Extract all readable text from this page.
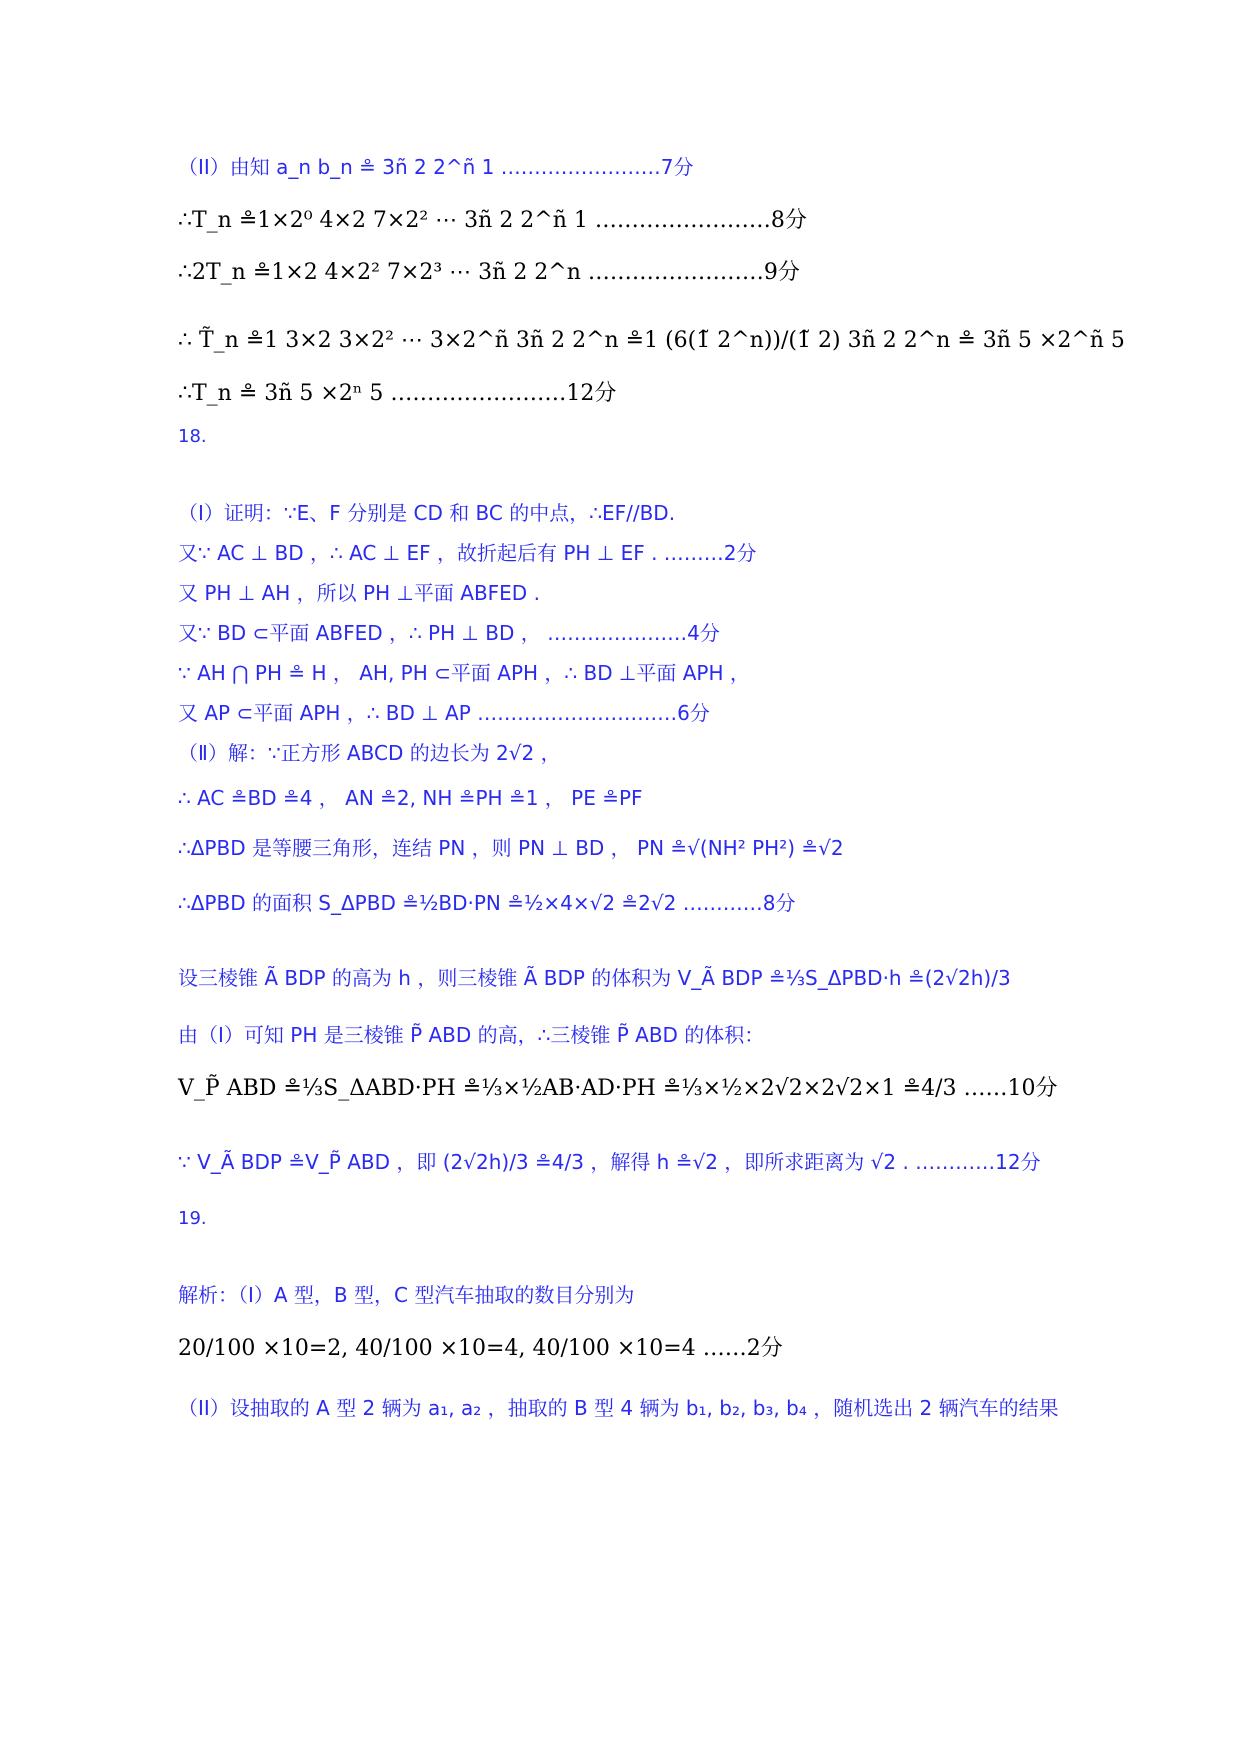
（II）由知 a_n b_n ≗ 3ñ 2 2^ñ 1 ……………………7分
∴T_n ≗1×2⁰ 4×2 7×2² ⋯ 3ñ 2 2^ñ 1 ……………………8分
∴2T_n ≗1×2 4×2² 7×2³ ⋯ 3ñ 2 2^n ……………………9分
∴ T̃_n ≗1 3×2 3×2² ⋯ 3×2^ñ 3ñ 2 2^n ≗1 (6(1̃ 2^n))/(1̃ 2) 3ñ 2 2^n ≗ 3ñ 5 ×2^ñ 5
∴T_n ≗ 3ñ 5 ×2ⁿ 5 ……………………12分
18.
（Ⅰ）证明：∵E、F 分别是 CD 和 BC 的中点，∴EF//BD.
又∵ AC ⊥ BD ，∴ AC ⊥ EF ，故折起后有 PH ⊥ EF . ………2分
又 PH ⊥ AH ，所以 PH ⊥平面 ABFED .
又∵ BD ⊂平面 ABFED ，∴ PH ⊥ BD ， …………………4分
∵ AH ⋂ PH ≗ H ， AH, PH ⊂平面 APH ，∴ BD ⊥平面 APH ，
又 AP ⊂平面 APH ，∴ BD ⊥ AP …………………………6分
（Ⅱ）解：∵正方形 ABCD 的边长为 2√2 ，
∴ AC ≗BD ≗4 ， AN ≗2, NH ≗PH ≗1 ， PE ≗PF
∴ΔPBD 是等腰三角形，连结 PN ，则 PN ⊥ BD ， PN ≗√(NH² PH²) ≗√2
∴ΔPBD 的面积 S_ΔPBD ≗½BD·PN ≗½×4×√2 ≗2√2 …………8分
设三棱锥 Ã BDP 的高为 h ，则三棱锥 Ã BDP 的体积为 V_Ã BDP ≗⅓S_ΔPBD·h ≗(2√2h)/3
由（Ⅰ）可知 PH 是三棱锥 P̃ ABD 的高，∴三棱锥 P̃ ABD 的体积：
V_P̃ ABD ≗⅓S_ΔABD·PH ≗⅓×½AB·AD·PH ≗⅓×½×2√2×2√2×1 ≗4/3 ……10分
∵ V_Ã BDP ≗V_P̃ ABD ，即 (2√2h)/3 ≗4/3 ，解得 h ≗√2 ，即所求距离为 √2 . …………12分
19.
解析：（I）A 型，B 型，C 型汽车抽取的数目分别为
20/100 ×10=2, 40/100 ×10=4, 40/100 ×10=4 ……2分
（II）设抽取的 A 型 2 辆为 a₁, a₂ ，抽取的 B 型 4 辆为 b₁, b₂, b₃, b₄ ，随机选出 2 辆汽车的结果
